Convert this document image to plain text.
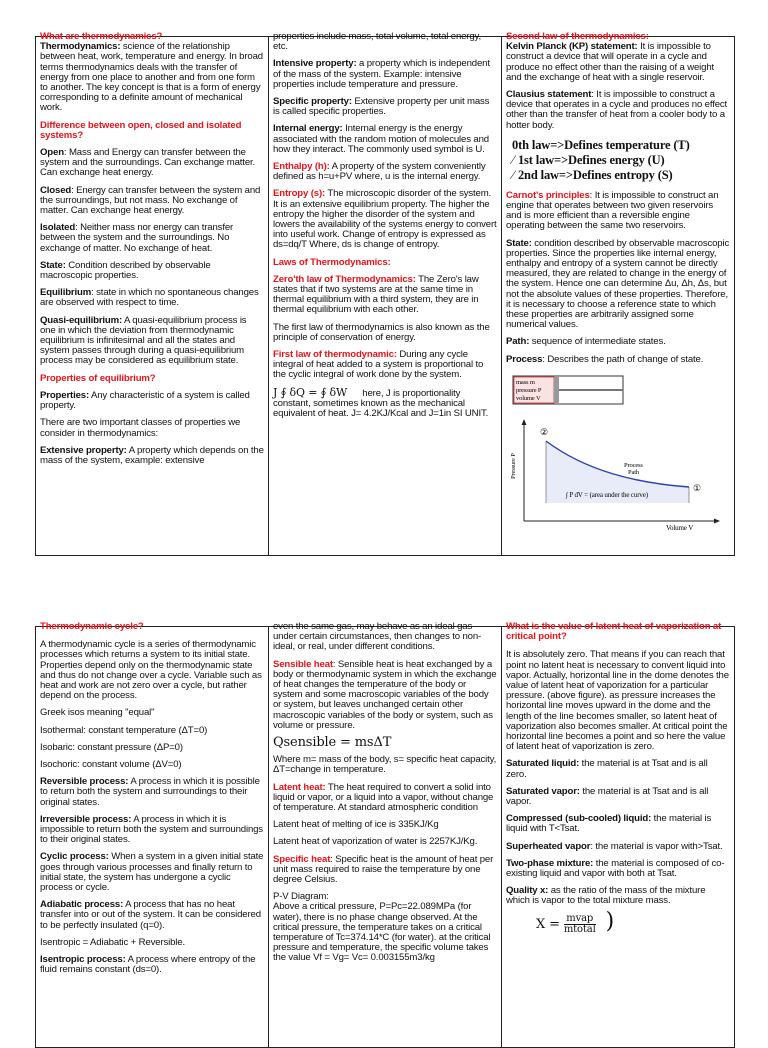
What are thermodynamics?

Thermodynamics: science of the relationship between heat, work, temperature and energy. In broad terms thermodynamics deals with the transfer of energy from one place to another and from one form to another. The key concept is that is a form of energy corresponding to a definite amount of mechanical work.

Difference between open, closed and isolated systems?

Open: Mass and Energy can transfer between the system and the surroundings. Can exchange matter. Can exchange heat energy.

Closed: Energy can transfer between the system and the surroundings, but not mass. No exchange of matter. Can exchange heat energy.

Isolated: Neither mass nor energy can transfer between the system and the surroundings. No exchange of matter. No exchange of heat.

State: Condition described by observable macroscopic properties.

Equilibrium: state in which no spontaneous changes are observed with respect to time.

Quasi-equilibrium: A quasi-equilibrium process is one in which the deviation from thermodynamic equilibrium is infinitesimal and all the states and system passes through during a quasi-equilibrium process may be considered as equilibrium state.

Properties of equilibrium?

Properties: Any characteristic of a system is called property.

There are two important classes of properties we consider in thermodynamics:

Extensive property: A property which depends on the mass of the system, example: extensive

properties include mass, total volume, total energy, etc.

Intensive property: a property which is independent of the mass of the system. Example: intensive properties include temperature and pressure.

Specific property: Extensive property per unit mass is called specific properties.

Internal energy: Internal energy is the energy associated with the random motion of molecules and how they interact. The commonly used symbol is U.

Enthalpy (h): A property of the system conveniently defined as h=u+PV where, u is the internal energy.

Entropy (s): The microscopic disorder of the system. It is an extensive equilibrium property. The higher the entropy the higher the disorder of the system and lowers the availability of the systems energy to convert into useful work. Change of entropy is expressed as ds=dq/T Where, ds is change of entropy.

Laws of Thermodynamics:

Zero'th law of Thermodynamics: The Zero's law states that if two systems are at the same time in thermal equilibrium with a third system, they are in thermal equilibrium with each other.

The first law of thermodynamics is also known as the principle of conservation of energy.

First law of thermodynamic: During any cycle integral of heat added to a system is proportional to the cyclic integral of work done by the system.

J ∮ δQ = ∮ δW here, J is proportionality constant, sometimes known as the mechanical equivalent of heat. J= 4.2KJ/Kcal and J=1in SI UNIT.

Second law of thermodynamics:

Kelvin Planck (KP) statement: It is impossible to construct a device that will operate in a cycle and produce no effect other than the raising of a weight and the exchange of heat with a single reservoir.

Clausius statement: It is impossible to construct a device that operates in a cycle and produces no effect other than the transfer of heat from a cooler body to a hotter body.

0th law=>Defines temperature (T)
⁄ 1st law=>Defines energy (U)
⁄ 2nd law=>Defines entropy (S)

Carnot's principles: It is impossible to construct an engine that operates between two given reservoirs and is more efficient than a reversible engine operating between the same two reservoirs.

State: condition described by observable macroscopic properties. Since the properties like internal energy, enthalpy and entropy of a system cannot be directly measured, they are related to change in the energy of the system. Hence one can determine Δu, Δh, Δs, but not the absolute values of these properties. Therefore, it is necessary to choose a reference state to which these properties are arbitrarily assigned some numerical values.

Path: sequence of intermediate states.

Process: Describes the path of change of state.

mass m
pressure P
volume V

②
①
Process
Path
∫ P dV = (area under the curve)
Pressure P
Volume V
Thermodynamic cycle?

A thermodynamic cycle is a series of thermodynamic processes which returns a system to its initial state. Properties depend only on the thermodynamic state and thus do not change over a cycle. Variable such as heat and work are not zero over a cycle, but rather depend on the process.

Greek isos meaning "equal"

Isothermal: constant temperature (ΔT=0)

Isobaric: constant pressure (ΔP=0)

Isochoric: constant volume (ΔV=0)

Reversible process: A process in which it is possible to return both the system and surroundings to their original states.

Irreversible process: A process in which it is impossible to return both the system and surroundings to their original states.

Cyclic process: When a system in a given initial state goes through various processes and finally return to initial state, the system has undergone a cyclic process or cycle.

Adiabatic process: A process that has no heat transfer into or out of the system. It can be considered to be perfectly insulated (q=0).

Isentropic = Adiabatic + Reversible.

Isentropic process: A process where entropy of the fluid remains constant (ds=0).

even the same gas, may behave as an ideal gas under certain circumstances, then changes to non-ideal, or real, under different conditions.

Sensible heat: Sensible heat is heat exchanged by a body or thermodynamic system in which the exchange of heat changes the temperature of the body or system and some macroscopic variables of the body or system, but leaves unchanged certain other macroscopic variables of the body or system, such as volume or pressure.

Qsensible = msΔT

Where m= mass of the body, s= specific heat capacity, ΔT=change in temperature.

Latent heat: The heat required to convert a solid into liquid or vapor, or a liquid into a vapor, without change of temperature. At standard atmospheric condition

Latent heat of melting of ice is 335KJ/Kg

Latent heat of vaporization of water is 2257KJ/Kg.

Specific heat: Specific heat is the amount of heat per unit mass required to raise the temperature by one degree Celsius.

P-V Diagram:

Above a critical pressure, P=Pc=22.089MPa (for water), there is no phase change observed. At the critical pressure, the temperature takes on a critical temperature of Tc=374.14*C (for water). at the critical pressure and temperature, the specific volume takes the value Vf = Vg= Vc= 0.003155m3/kg

What is the value of latent heat of vaporization at critical point?

It is absolutely zero. That means if you can reach that point no latent heat is necessary to convent liquid into vapor. Actually, horizontal line in the dome denotes the value of latent heat of vaporization for a particular pressure. (above figure). as pressure increases the horizontal line moves upward in the dome and the length of the line becomes smaller, so latent heat of vaporization also becomes smaller. At critical point the horizontal line becomes a point and so here the value of latent heat of vaporization is zero.

Saturated liquid: the material is at Tsat and is all zero.

Saturated vapor: the material is at Tsat and is all vapor.

Compressed (sub-cooled) liquid: the material is liquid with T<Tsat.

Superheated vapor: the material is vapor with>Tsat.

Two-phase mixture: the material is composed of co-existing liquid and vapor with both at Tsat.

Quality x: as the ratio of the mass of the mixture which is vapor to the total mixture mass.

$X = \frac{\text{mvap}}{\text{mtotal}}$ )
